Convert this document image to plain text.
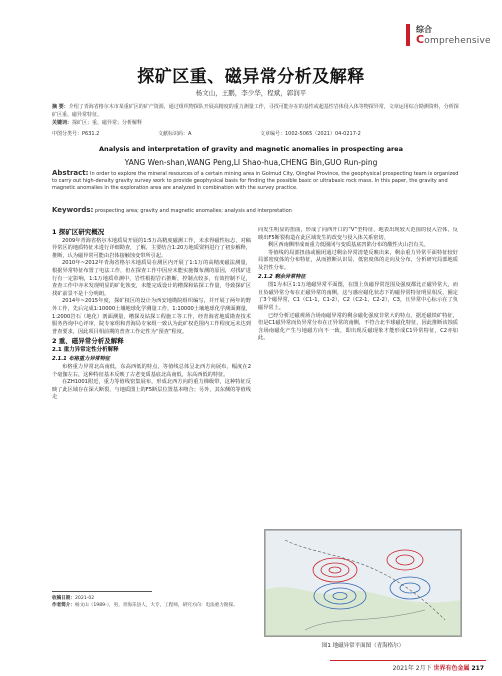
综合
Comprehensive
探矿区重、磁异常分析及解释
杨文山，王鹏，李少华，程斌，郭润平
摘 要：介绍了青海省格尔木市某重矿区的矿产资源，通过组织物探队开展高精度的重力测量工作，寻找可能存在的基性或超基性岩体侵入体等物探异常，文章运用综合勘测资料，分析探矿区重、磁异常特征。
关键词：探矿区；重、磁异常；分析解释
中图分类号：P631.2	文献标识码：A	文章编号：1002-5065（2021）04-0217-2
Analysis and interpretation of gravity and magnetic anomalies in prospecting area
YANG Wen-shan,WANG Peng,LI Shao-hua,CHENG Bin,GUO Run-ping
Abstract: In order to explore the mineral resources of a certain mining area in Golmud City, Qinghai Province, the geophysical prospecting team is organized to carry out high-density gravity survey work to provide geophysical basis for finding the possible basic or ultrabasic rock mass. In this paper, the gravity and magnetic anomalies in the exploration area are analyzed in combination with the survey practice.
Keywords: prospecting area; gravity and magnetic anomalies; analysis and interpretation
1 探矿区研究概况

2009年青海省格尔木地质局开展的1:5万高精度磁测工作，未求得磁性标志，对稿异常区的地质特征未进行详细勘查，了解，主要结合1:20万地质资料进行了初步解释，推断，认为磁异常可能由岩体接触蚀变带所引起。

2010年~2012年青海省格尔木地质局在测区内开展了1:1万的高精度磁法测量，根据异常特征布置了电法工作，但在探查工作中因应未能实施微布测的原因，对找矿进行有一定影响，1:1万地质草测中，岩性根据岩石推断，控制点较多，有效控制不足，查查工作中亦未发现明显的矿化蚀变，未能完成设计的槽探和钻探工作量，导致探矿区找矿前景不是十分明朗。

2014年~2015年度，探矿权区的设计为西安地勘院组织编写，并开展了两年的野外工作，先后完成1:10000土壤地球化学测量工作，1:10000土壤地球化学测面测量，1:2000岩石（地化）剖面测量，槽探及钻探工程施工等工作，经青海省地质勘查技术服务咨询中心评审，院专家组和青海局专家组一致认为此矿权范围内工作程度远未达到普查要求，因此项目相前期的普查工作定性为“预查”程度。

2 重、磁异常分析及解释
2.1 重力异常定性分析解释
2.1.1 布格重力异常特征

布格重力异常北高南低，东高西低的特点，等值线总体呈北西方向展布，幅度在2个毫伽左右，这种特征基本反映了古老变质基底北高南低，东高西低的特征。

在ZH1001附近，重力等值线密集展布，形成北西方向的重力梯级带，这种特征反映了此区域存在深大断裂，与地质图上的F5断层位置基本吻合；另外，其东侧的等值线走

向发生明显的扭曲，形成了向西开口的“V”型特征，地表出现较大范围的侵入岩体，反映出F5断裂构造在此区域发生的改变与侵入体关系密切。

剩区西南侧形成而重力低圈闭与变质基底凹陷分布的酸性火山岩有关。

等值线的局部扭曲或圈闭通过剩余异常清楚反映出来，剩余重力异常平面特征较好局部密度体的分布特征，从而推断认识局，低密度体的走向及分布，分析研究局部地质及岩性分布。

2.1.2 剩余异常特征

图1为本区1:1万地磁异常平面图，在图上负磁异常范围及强度都比正磁异常大，而且负磁异常分布在正磁异常的南侧，这与感应磁化状态下的磁异常特征明显相反，圈定了3个磁异常，C1（C1-1，C1-2），C2（C2-1，C2-2），C3，且异常中心标示在了负磁异常上。

已经分析过磁观场合场南磁异常的剩余磁化强度非常大的特点，据近磁铁矿特征，但是C1磁异常而负异常分布在正异常的南侧，不符合北半球磁化特征，因此推断该蚀质含场南磁化产生与地磁方向不一致，即出现反磁现象才能形成C1异常特征，C2亦如此。

收稿日期：2021-02
作者简介：杨文山（1989-），男，青海乐县人，大专，工程师，研究方向：电法重力勘探。
图1 地磁异常平面图（青海格尔）
2021年 2月下 世界有色金属 217
